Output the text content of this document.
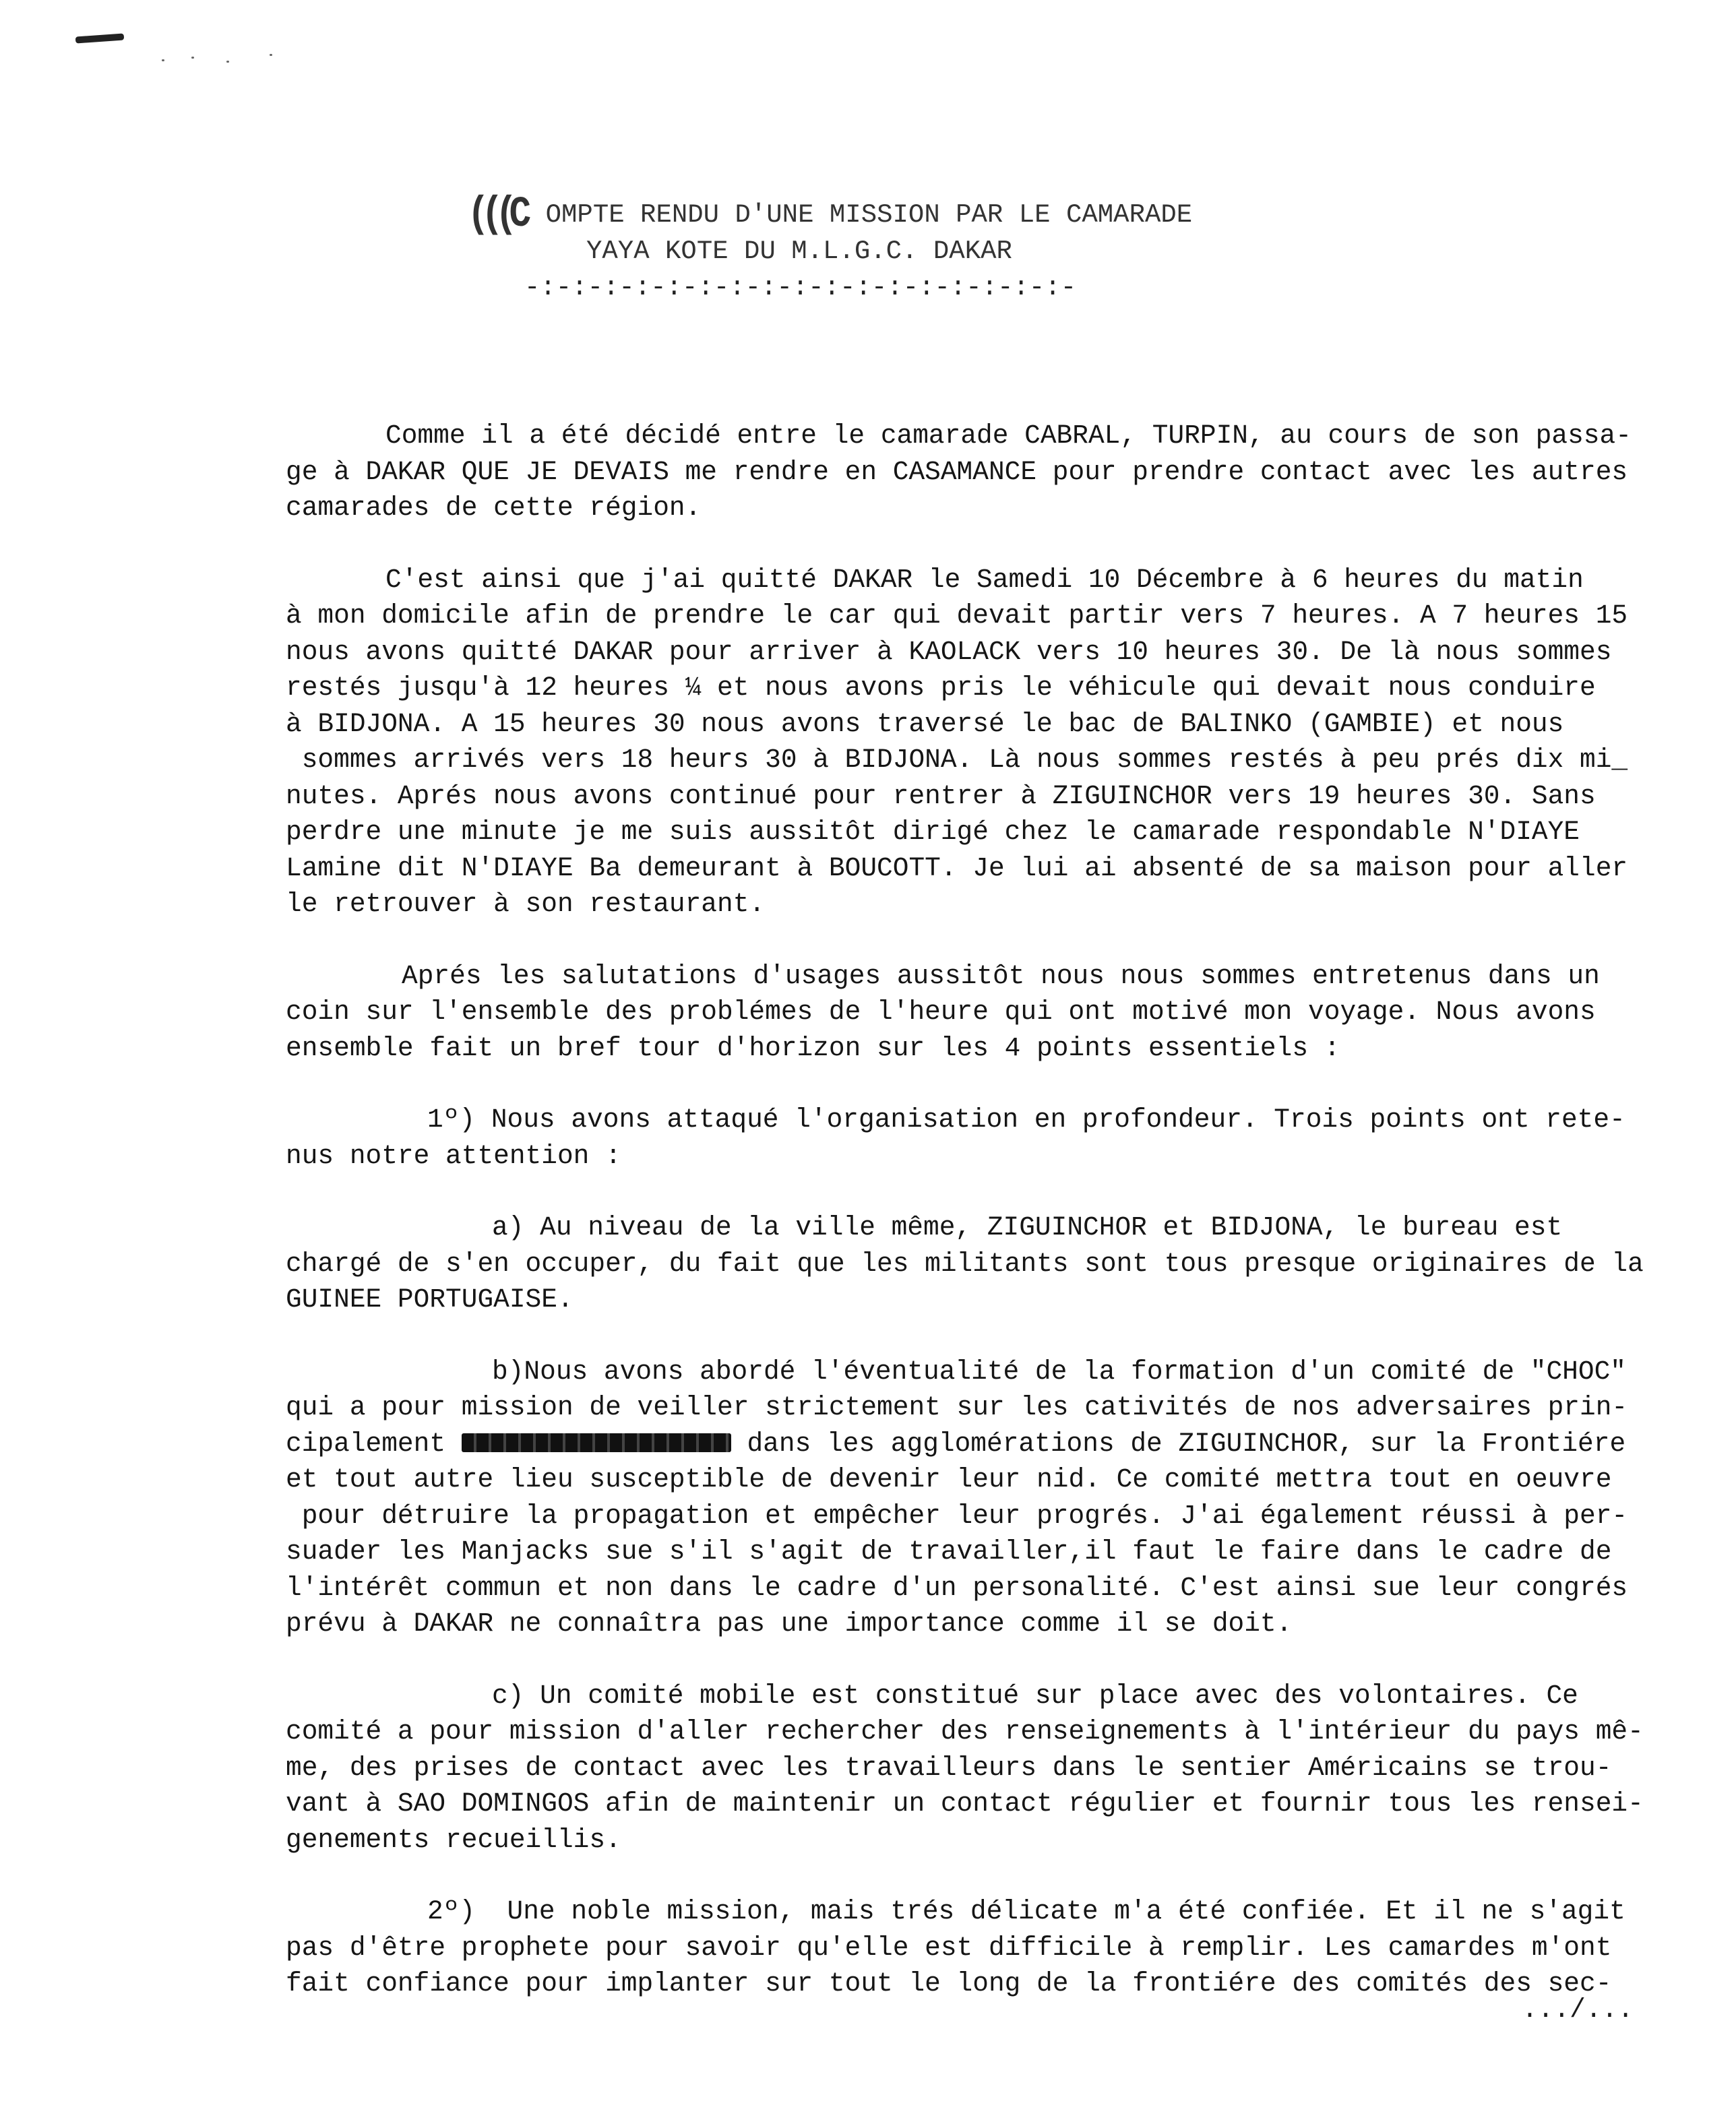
(((C OMPTE RENDU D'UNE MISSION PAR LE CAMARADE
YAYA KOTE DU M.L.G.C. DAKAR
-:-:-:-:-:-:-:-:-:-:-:-:-:-:-:-:-:-
Comme il a été décidé entre le camarade CABRAL, TURPIN, au cours de son passa-
ge à DAKAR QUE JE DEVAIS me rendre en CASAMANCE pour prendre contact avec les autres
camarades de cette région.
C'est ainsi que j'ai quitté DAKAR le Samedi 10 Décembre à 6 heures du matin
à mon domicile afin de prendre le car qui devait partir vers 7 heures. A 7 heures 15
nous avons quitté DAKAR pour arriver à KAOLACK vers 10 heures 30. De là nous sommes
restés jusqu'à 12 heures ¼ et nous avons pris le véhicule qui devait nous conduire
à BIDJONA. A 15 heures 30 nous avons traversé le bac de BALINKO (GAMBIE) et nous
sommes arrivés vers 18 heurs 30 à BIDJONA. Là nous sommes restés à peu prés dix mi_
nutes. Aprés nous avons continué pour rentrer à ZIGUINCHOR vers 19 heures 30. Sans
perdre une minute je me suis aussitôt dirigé chez le camarade respondable N'DIAYE
Lamine dit N'DIAYE Ba demeurant à BOUCOTT. Je lui ai absenté de sa maison pour aller
le retrouver à son restaurant.
Aprés les salutations d'usages aussitôt nous nous sommes entretenus dans un
coin sur l'ensemble des problémes de l'heure qui ont motivé mon voyage. Nous avons
ensemble fait un bref tour d'horizon sur les 4 points essentiels :
1º) Nous avons attaqué l'organisation en profondeur. Trois points ont rete-
nus notre attention :
a) Au niveau de la ville même, ZIGUINCHOR et BIDJONA, le bureau est
chargé de s'en occuper, du fait que les militants sont tous presque originaires de la
GUINEE PORTUGAISE.
b)Nous avons abordé l'éventualité de la formation d'un comité de "CHOC"
qui a pour mission de veiller strictement sur les cativités de nos adversaires prin-
cipalement	dans les agglomérations de ZIGUINCHOR, sur la Frontiére
et tout autre lieu susceptible de devenir leur nid. Ce comité mettra tout en oeuvre
pour détruire la propagation et empêcher leur progrés. J'ai également réussi à per-
suader les Manjacks sue s'il s'agit de travailler,il faut le faire dans le cadre de
l'intérêt commun et non dans le cadre d'un personalité. C'est ainsi sue leur congrés
prévu à DAKAR ne connaîtra pas une importance comme il se doit.
c) Un comité mobile est constitué sur place avec des volontaires. Ce
comité a pour mission d'aller rechercher des renseignements à l'intérieur du pays mê-
me, des prises de contact avec les travailleurs dans le sentier Américains se trou-
vant à SAO DOMINGOS afin de maintenir un contact régulier et fournir tous les rensei-
genements recueillis.
2º)  Une noble mission, mais trés délicate m'a été confiée. Et il ne s'agit
pas d'être prophete pour savoir qu'elle est difficile à remplir. Les camardes m'ont
fait confiance pour implanter sur tout le long de la frontiére des comités des sec-
.../...
